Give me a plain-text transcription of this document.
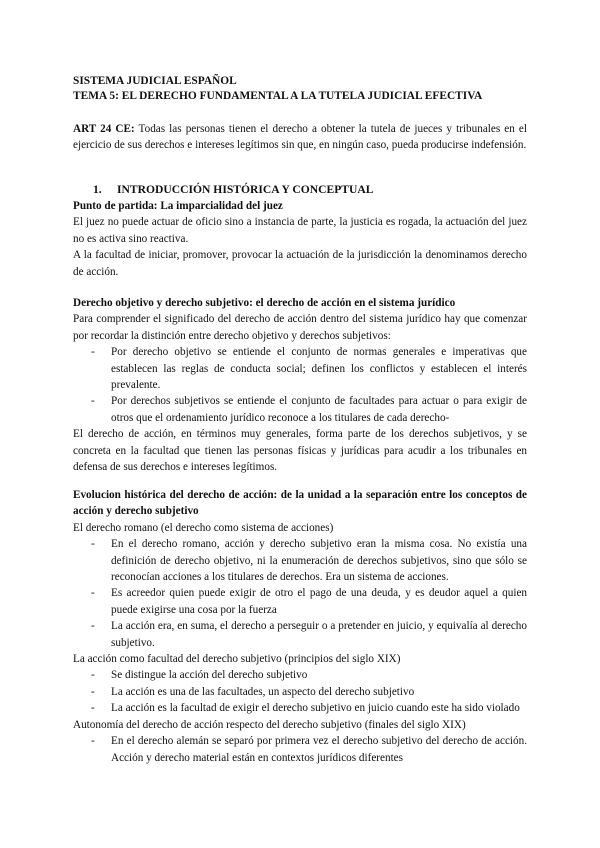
SISTEMA JUDICIAL ESPAÑOL
TEMA 5: EL DERECHO FUNDAMENTAL A LA TUTELA JUDICIAL EFECTIVA

ART 24 CE: Todas las personas tienen el derecho a obtener la tutela de jueces y tribunales en el ejercicio de sus derechos e intereses legítimos sin que, en ningún caso, pueda producirse indefensión.

1. INTRODUCCIÓN HISTÓRICA Y CONCEPTUAL

Punto de partida: La imparcialidad del juez

El juez no puede actuar de oficio sino a instancia de parte, la justicia es rogada, la actuación del juez no es activa sino reactiva.

A la facultad de iniciar, promover, provocar la actuación de la jurisdicción la denominamos derecho de acción.

Derecho objetivo y derecho subjetivo: el derecho de acción en el sistema jurídico

Para comprender el significado del derecho de acción dentro del sistema jurídico hay que comenzar por recordar la distinción entre derecho objetivo y derechos subjetivos:

- Por derecho objetivo se entiende el conjunto de normas generales e imperativas que establecen las reglas de conducta social; definen los conflictos y establecen el interés prevalente.
- Por derechos subjetivos se entiende el conjunto de facultades para actuar o para exigir de otros que el ordenamiento jurídico reconoce a los titulares de cada derecho-

El derecho de acción, en términos muy generales, forma parte de los derechos subjetivos, y se concreta en la facultad que tienen las personas físicas y jurídicas para acudir a los tribunales en defensa de sus derechos e intereses legítimos.

Evolucion histórica del derecho de acción: de la unidad a la separación entre los conceptos de acción y derecho subjetivo

El derecho romano (el derecho como sistema de acciones)

- En el derecho romano, acción y derecho subjetivo eran la misma cosa. No existía una definición de derecho objetivo, ni la enumeración de derechos subjetivos, sino que sólo se reconocían acciones a los titulares de derechos. Era un sistema de acciones.
- Es acreedor quien puede exigir de otro el pago de una deuda, y es deudor aquel a quien puede exigirse una cosa por la fuerza
- La acción era, en suma, el derecho a perseguir o a pretender en juicio, y equivalía al derecho subjetivo.

La acción como facultad del derecho subjetivo (principios del siglo XIX)

- Se distingue la acción del derecho subjetivo
- La acción es una de las facultades, un aspecto del derecho subjetivo
- La acción es la facultad de exigir el derecho subjetivo en juicio cuando este ha sido violado

Autonomía del derecho de acción respecto del derecho subjetivo (finales del siglo XIX)

- En el derecho alemán se separó por primera vez el derecho subjetivo del derecho de acción. Acción y derecho material están en contextos jurídicos diferentes
